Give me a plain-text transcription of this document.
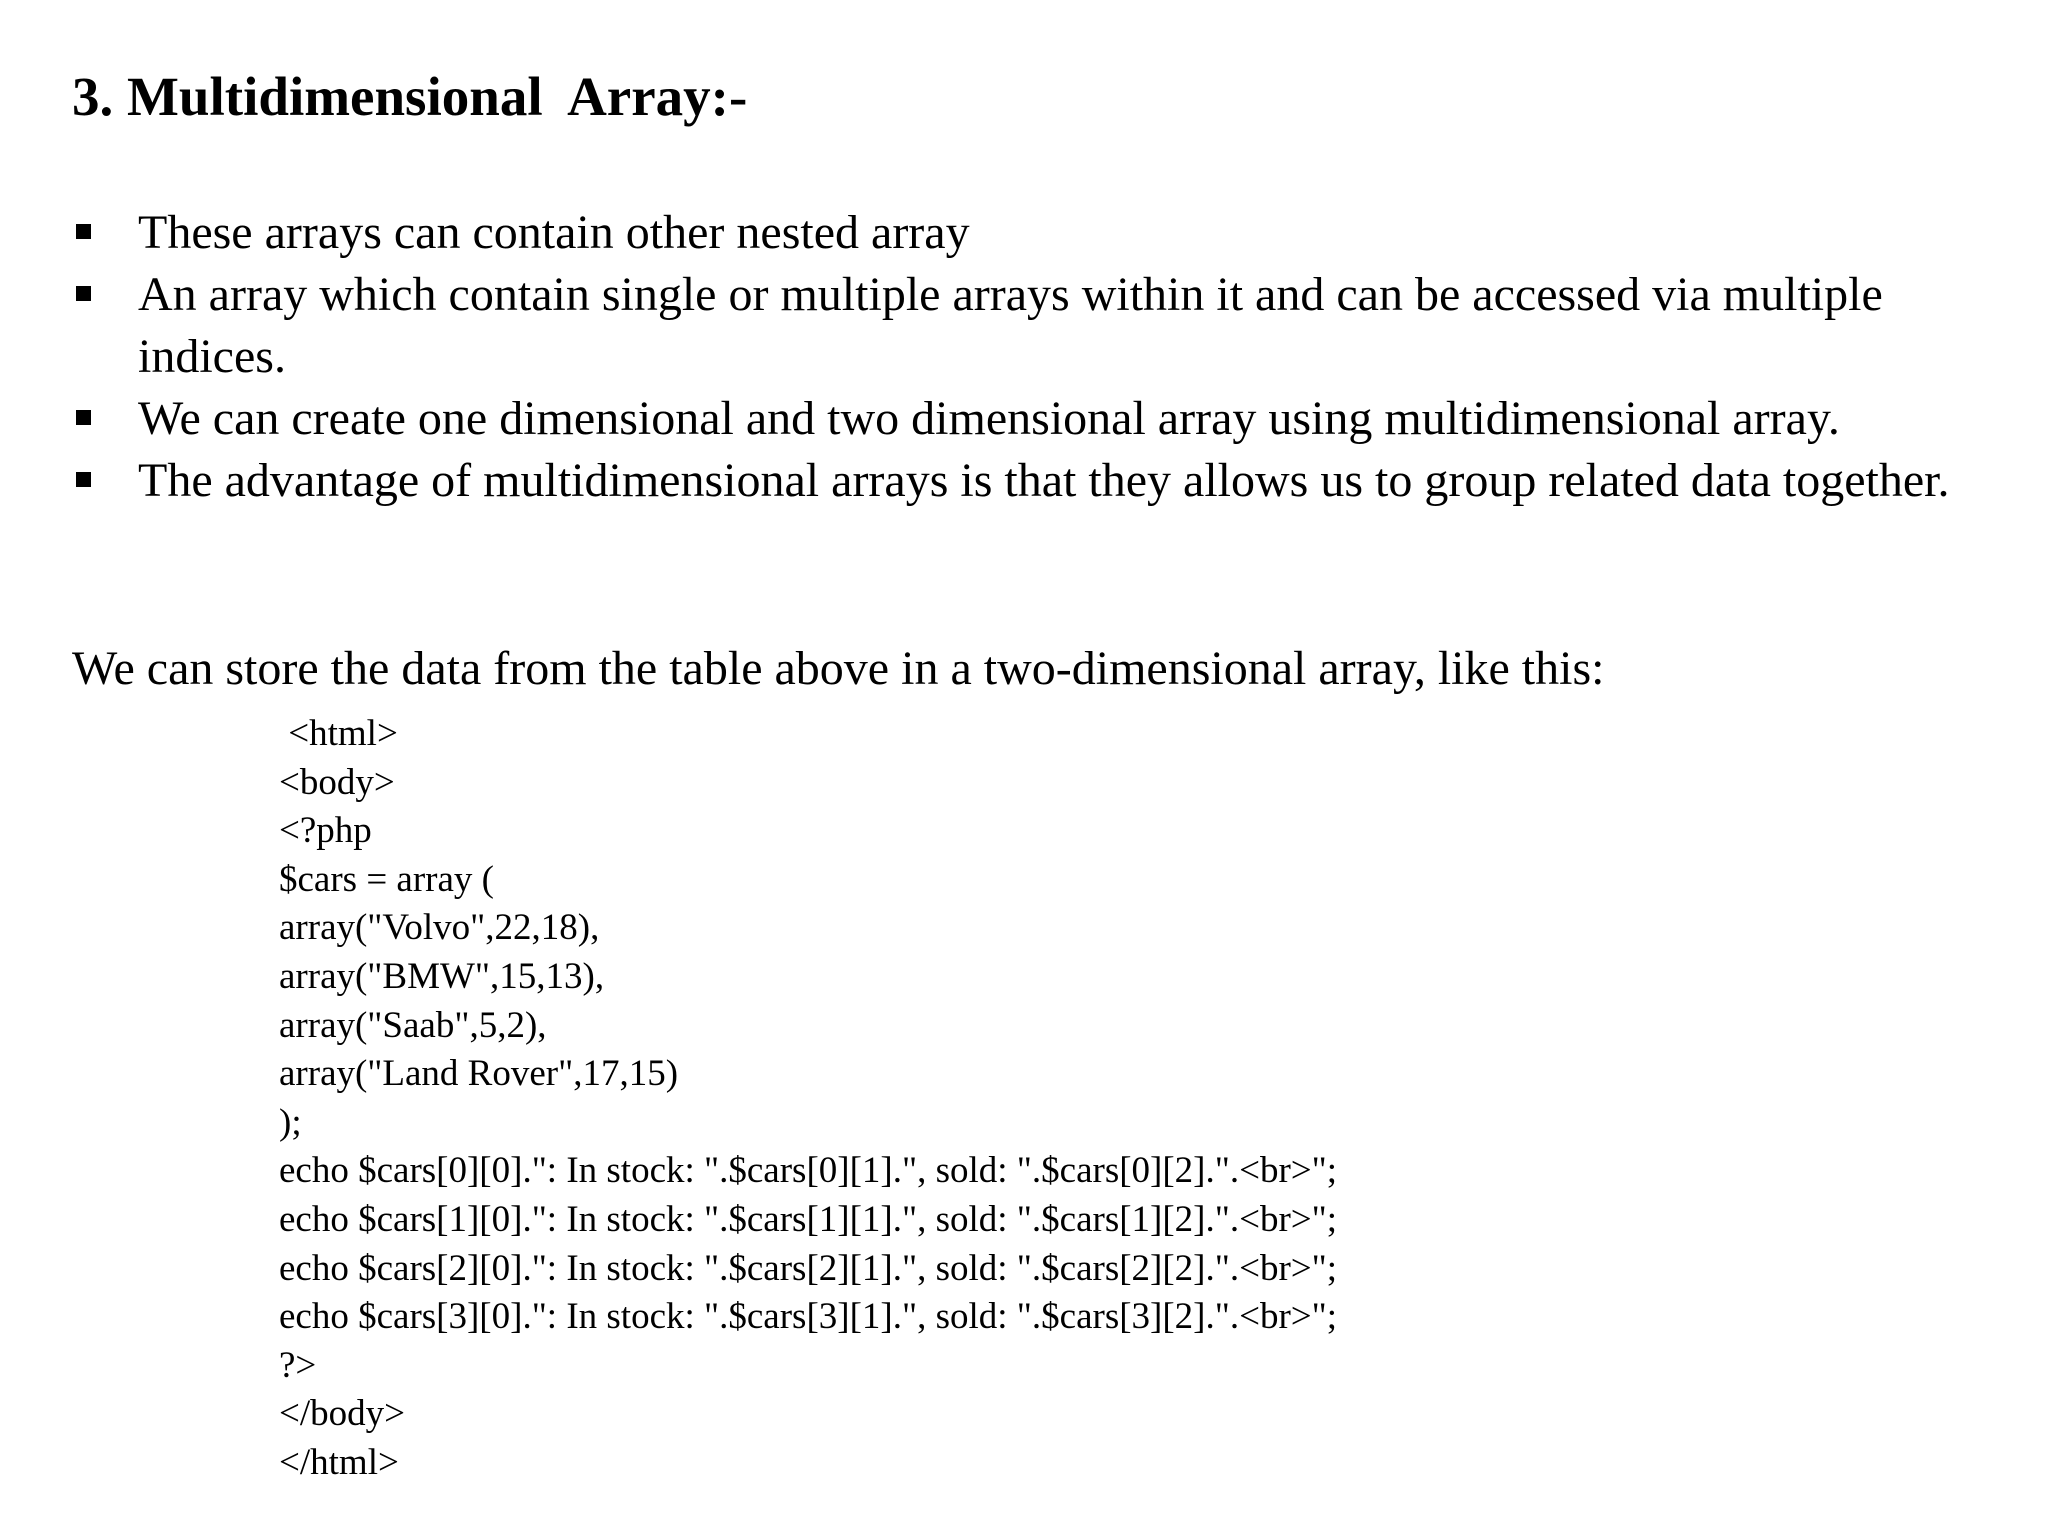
3. Multidimensional  Array:-
These arrays can contain other nested array
An array which contain single or multiple arrays within it and can be accessed via multiple indices.
We can create one dimensional and two dimensional array using multidimensional array.
The advantage of multidimensional arrays is that they allows us to group related data together.

We can store the data from the table above in a two-dimensional array, like this:

<html>
<body>
<?php
$cars = array (
array("Volvo",22,18),
array("BMW",15,13),
array("Saab",5,2),
array("Land Rover",17,15)
);
echo $cars[0][0].": In stock: ".$cars[0][1].", sold: ".$cars[0][2].".<br>";
echo $cars[1][0].": In stock: ".$cars[1][1].", sold: ".$cars[1][2].".<br>";
echo $cars[2][0].": In stock: ".$cars[2][1].", sold: ".$cars[2][2].".<br>";
echo $cars[3][0].": In stock: ".$cars[3][1].", sold: ".$cars[3][2].".<br>";
?>
</body>
</html>
